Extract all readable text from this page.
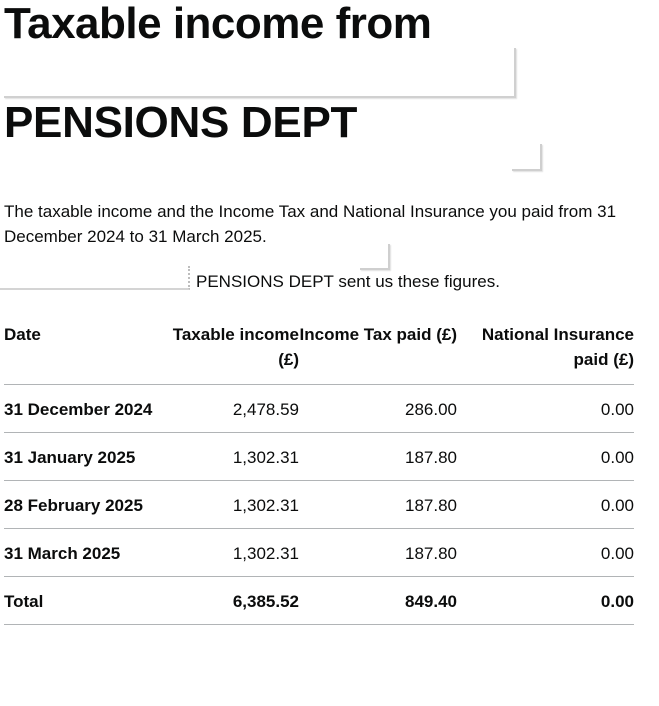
Taxable income from
PENSIONS DEPT

The taxable income and the Income Tax and National Insurance you paid from 31 December 2024 to 31 March 2025.

PENSIONS DEPT sent us these figures.

Date	Taxable income (£)	Income Tax paid (£)	National Insurance paid (£)
31 December 2024	2,478.59	286.00	0.00
31 January 2025	1,302.31	187.80	0.00
28 February 2025	1,302.31	187.80	0.00
31 March 2025	1,302.31	187.80	0.00
Total	6,385.52	849.40	0.00
